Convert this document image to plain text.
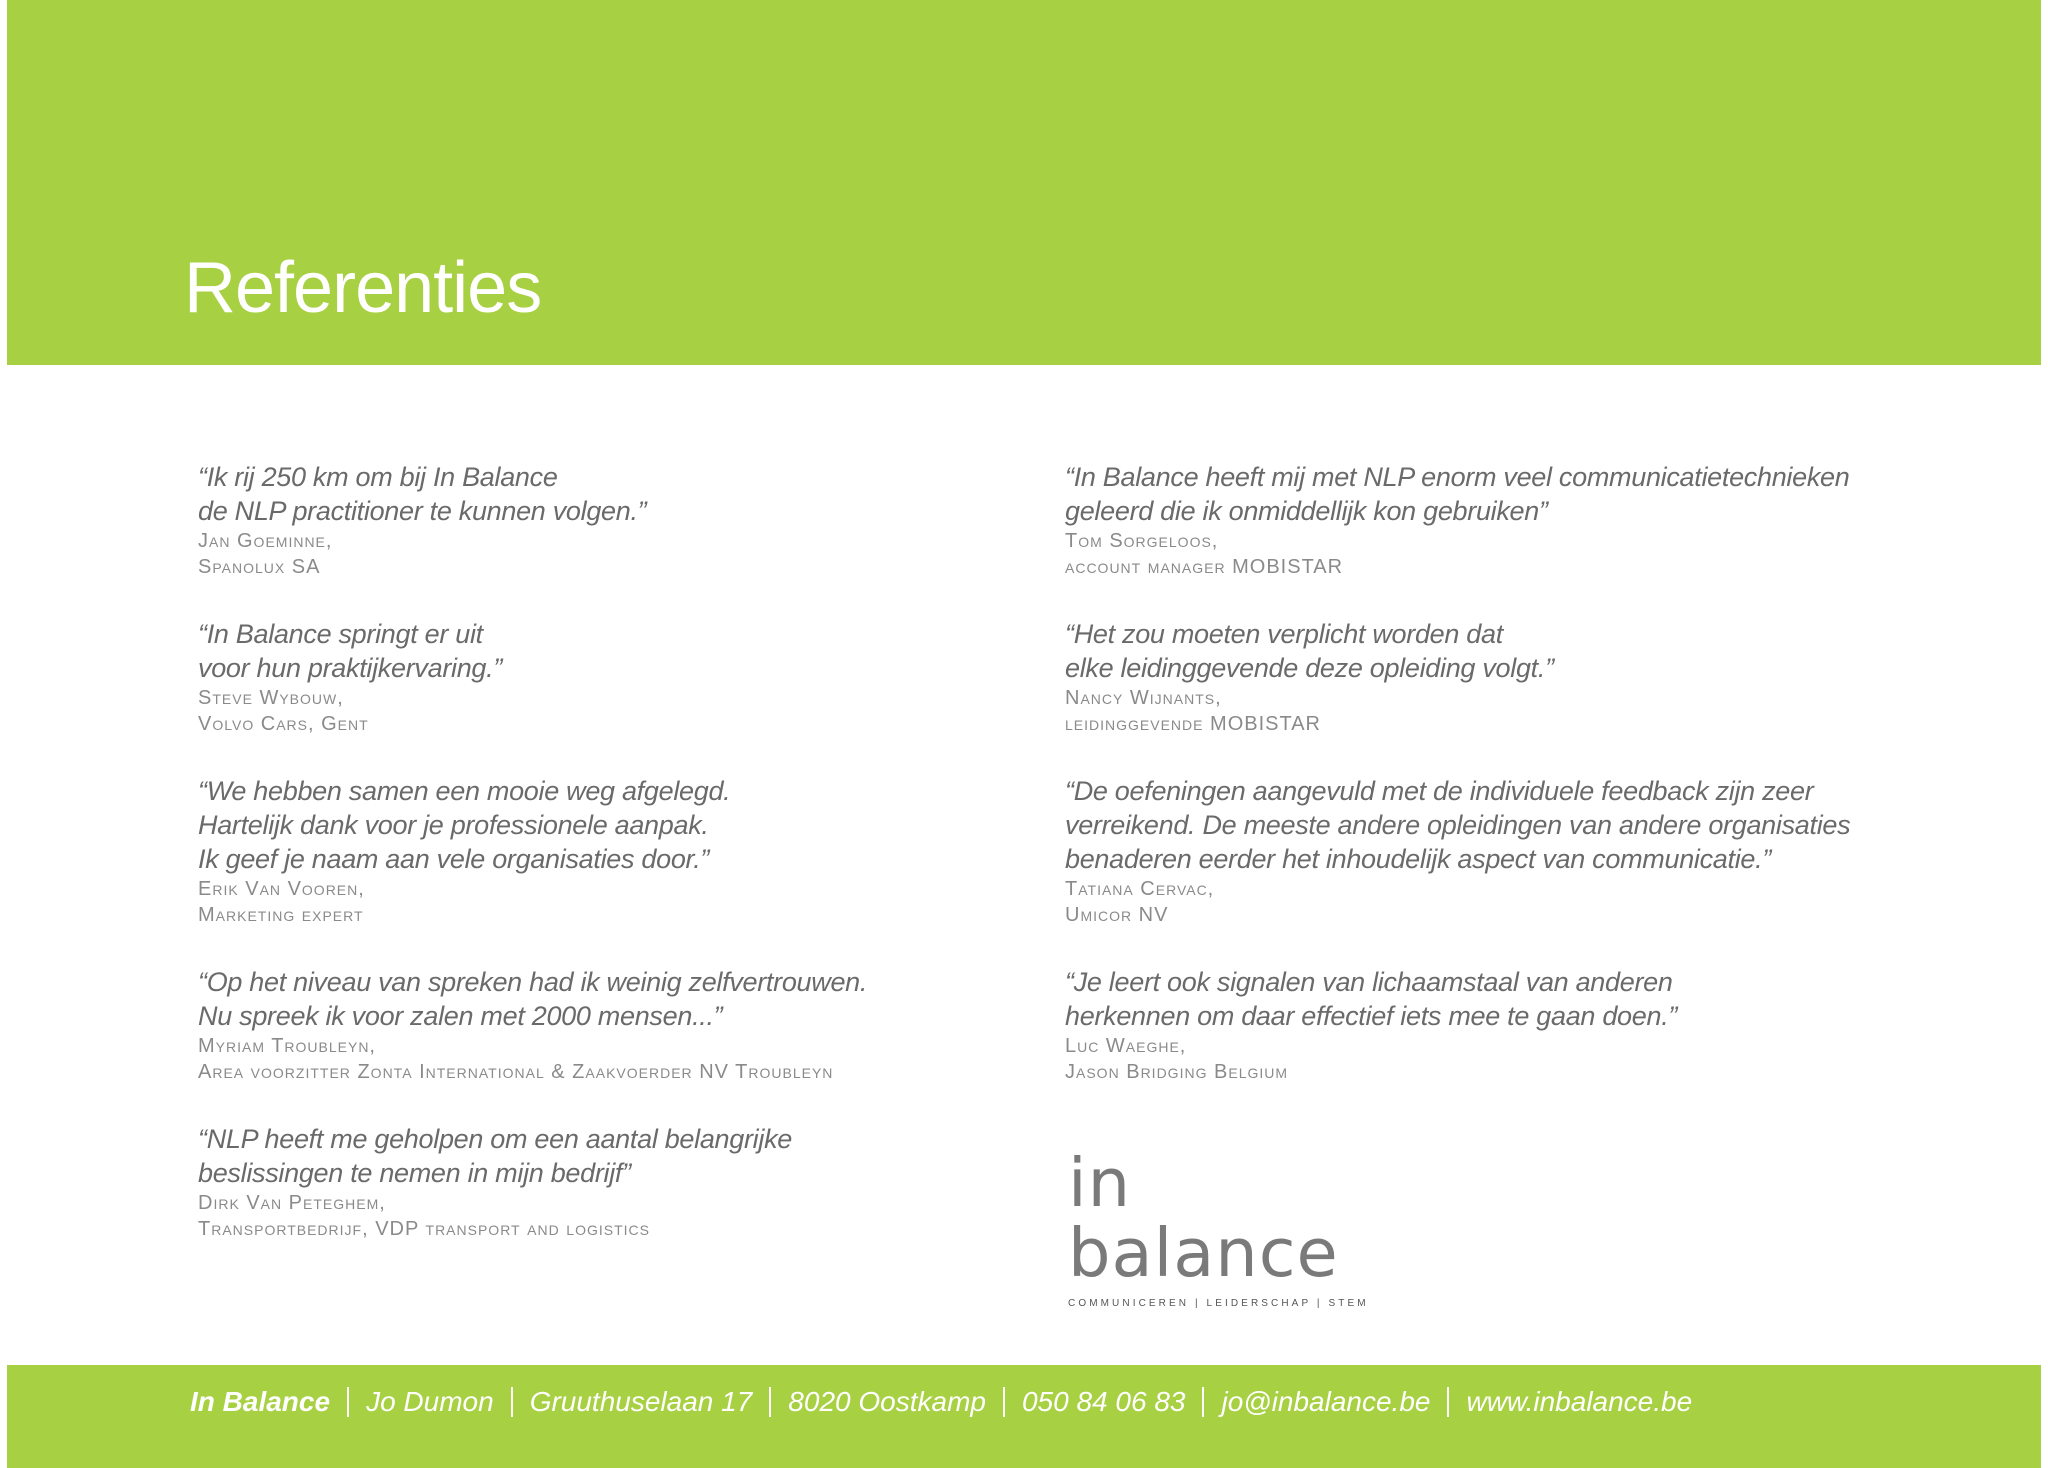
Referenties

“Ik rij 250 km om bij In Balance
de NLP practitioner te kunnen volgen.”

Jan Goeminne,
Spanolux SA

“In Balance springt er uit
voor hun praktijkervaring.”

Steve Wybouw,
Volvo Cars, Gent

“We hebben samen een mooie weg afgelegd.
Hartelijk dank voor je professionele aanpak.
Ik geef je naam aan vele organisaties door.”

Erik Van Vooren,
Marketing expert

“Op het niveau van spreken had ik weinig zelfvertrouwen.
Nu spreek ik voor zalen met 2000 mensen...”

Myriam Troubleyn,
Area voorzitter Zonta International & Zaakvoerder NV Troubleyn

“NLP heeft me geholpen om een aantal belangrijke
beslissingen te nemen in mijn bedrijf”

Dirk Van Peteghem,
Transportbedrijf, VDP transport and logistics

“In Balance heeft mij met NLP enorm veel communicatietechnieken
geleerd die ik onmiddellijk kon gebruiken”

Tom Sorgeloos,
account manager MOBISTAR

“Het zou moeten verplicht worden dat
elke leidinggevende deze opleiding volgt.”

Nancy Wijnants,
leidinggevende MOBISTAR

“De oefeningen aangevuld met de individuele feedback zijn zeer
verreikend. De meeste andere opleidingen van andere organisaties
benaderen eerder het inhoudelijk aspect van communicatie.”

Tatiana Cervac,
Umicor NV

“Je leert ook signalen van lichaamstaal van anderen
herkennen om daar effectief iets mee te gaan doen.”

Luc Waeghe,
Jason Bridging Belgium
in balance
COMMUNICEREN | LEIDERSCHAP | STEM
In Balance Jo Dumon Gruuthuselaan 17 8020 Oostkamp 050 84 06 83 jo@inbalance.be www.inbalance.be
